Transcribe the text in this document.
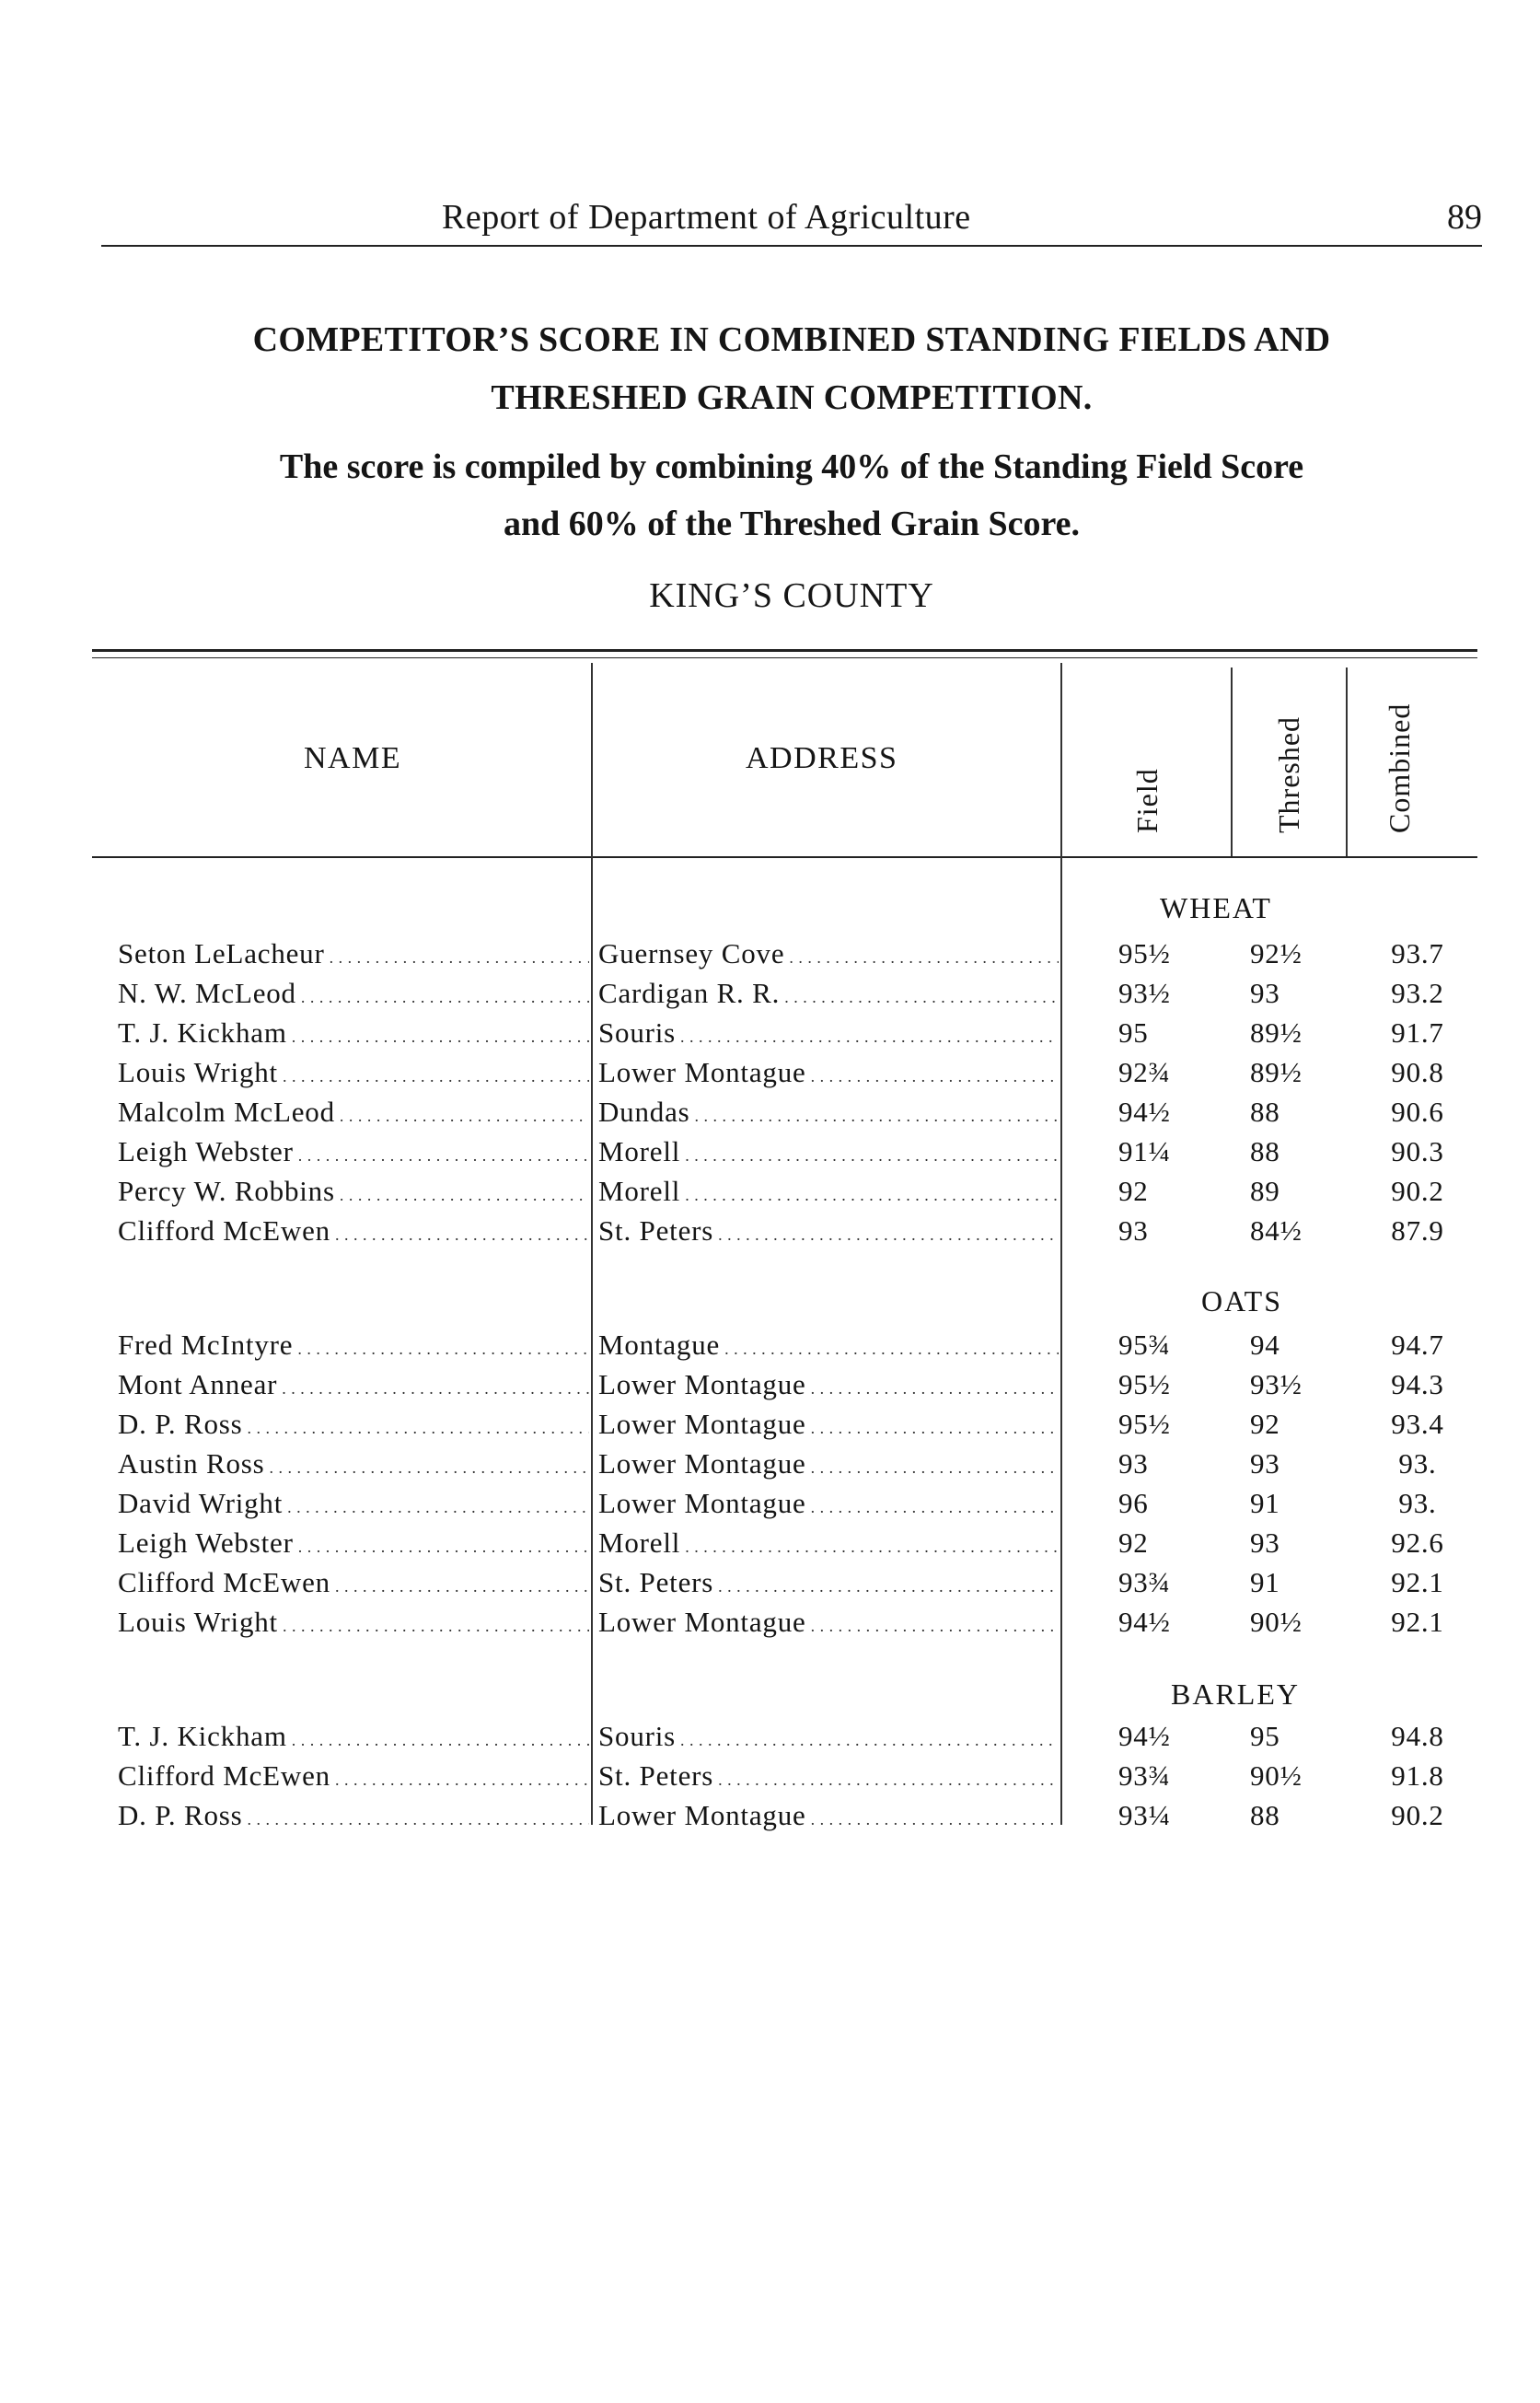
Report of Department of Agriculture	89
COMPETITOR’S SCORE IN COMBINED STANDING FIELDS AND
THRESHED GRAIN COMPETITION.
The score is compiled by combining 40% of the Standing Field Score
and 60% of the Threshed Grain Score.
KING’S COUNTY
NAME	ADDRESS
Field	Threshed	Combined
WHEAT
Seton LeLacheur . . .	Guernsey Cove . . .	95½	92½	93.7
N. W. McLeod . . .	Cardigan R. R. . . .	93½	93	93.2
T. J. Kickham . . .	Souris . . .	95	89½	91.7
Louis Wright . . .	Lower Montague . . .	92¾	89½	90.8
Malcolm McLeod . . .	Dundas . . .	94½	88	90.6
Leigh Webster . . .	Morell . . .	91¼	88	90.3
Percy W. Robbins . . .	Morell . . .	92	89	90.2
Clifford McEwen . . .	St. Peters . . .	93	84½	87.9
OATS
Fred McIntyre . . .	Montague . . .	95¾	94	94.7
Mont Annear . . .	Lower Montague . . .	95½	93½	94.3
D. P. Ross . . .	Lower Montague . . .	95½	92	93.4
Austin Ross . . .	Lower Montague . . .	93	93	93.
David Wright . . .	Lower Montague . . .	96	91	93.
Leigh Webster . . .	Morell . . .	92	93	92.6
Clifford McEwen . . .	St. Peters . . .	93¾	91	92.1
Louis Wright . . .	Lower Montague . . .	94½	90½	92.1
BARLEY
T. J. Kickham . . .	Souris . . .	94½	95	94.8
Clifford McEwen . . .	St. Peters . . .	93¾	90½	91.8
D. P. Ross . . .	Lower Montague . . .	93¼	88	90.2
